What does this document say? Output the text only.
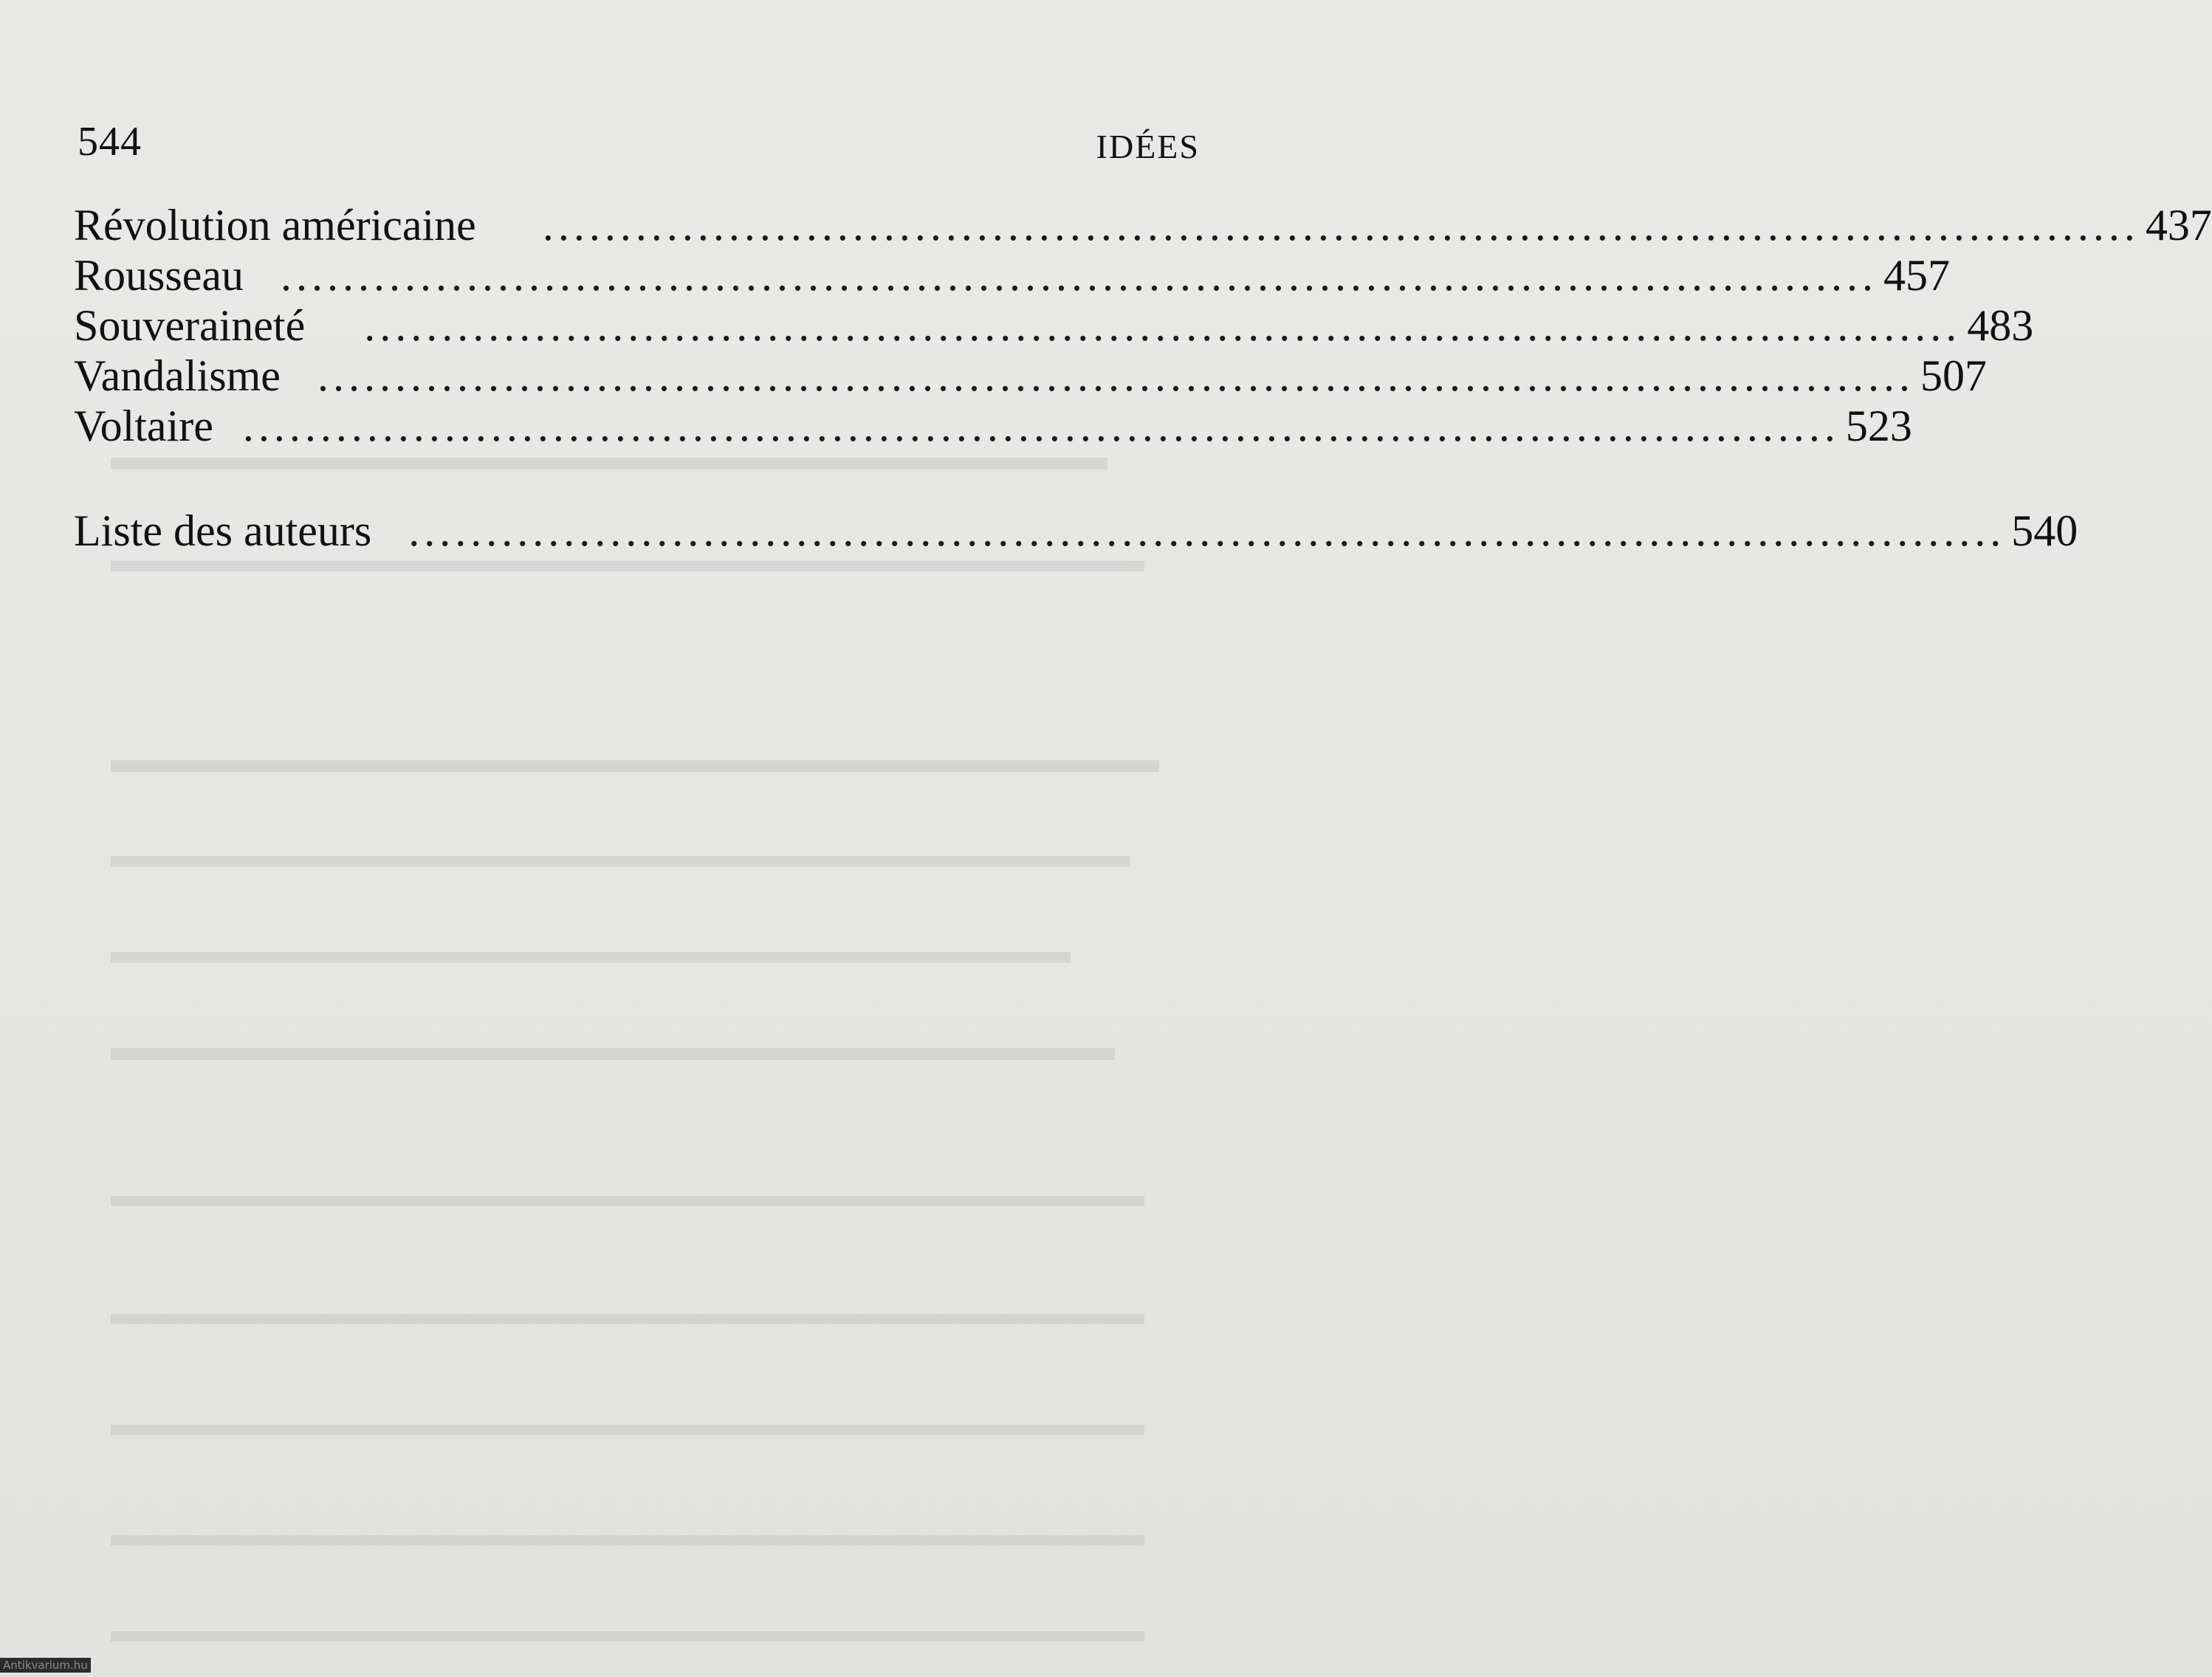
544	IDÉES
Révolution américaine ....................................................................................................... 437
Rousseau ....................................................................................................... 457
Souveraineté ....................................................................................................... 483
Vandalisme ....................................................................................................... 507
Voltaire ....................................................................................................... 523
Liste des auteurs ....................................................................................................... 540
Antikvarium.hu
